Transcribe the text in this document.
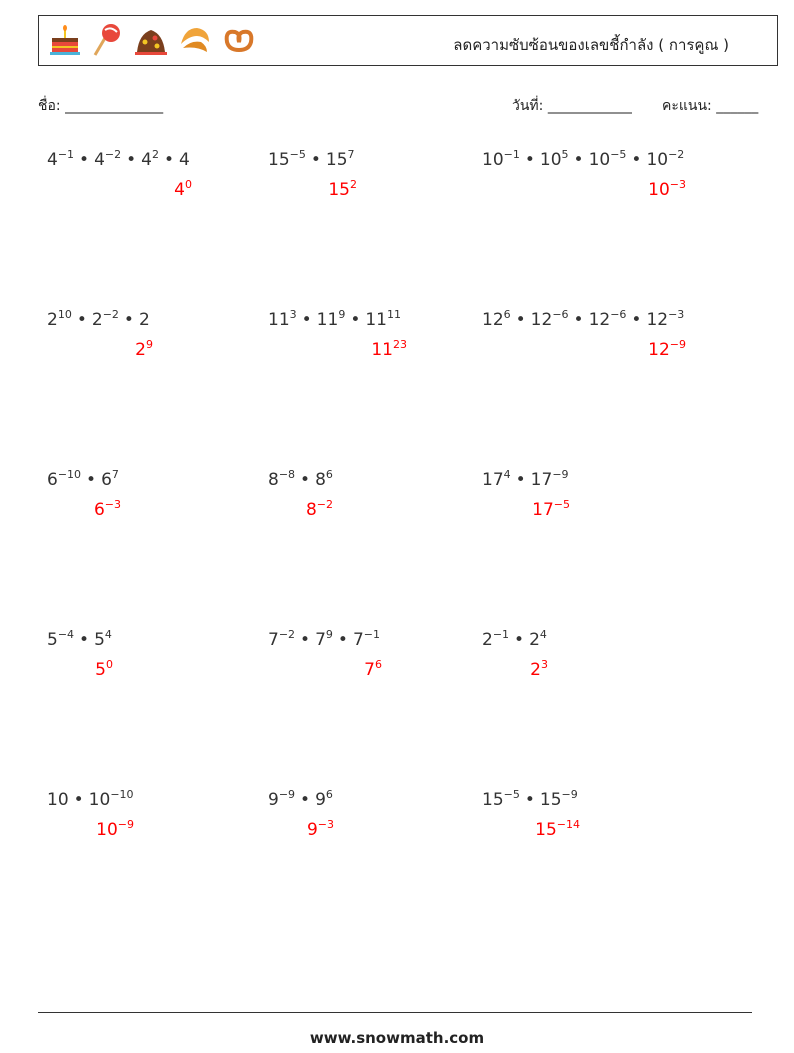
ลดความซับซ้อนของเลขชี้กำลัง ( การคูณ )
ชื่อ: ______________	วันที่: ____________ คะแนน: ______
$4^{-1}$ • $4^{-2}$ • $4^2$ • 4
$4^0$
$15^{-5}$ • $15^7$
$15^2$
$10^{-1}$ • $10^5$ • $10^{-5}$ • $10^{-2}$
$10^{-3}$
$2^{10}$ • $2^{-2}$ • 2
$2^9$
$11^3$ • $11^9$ • $11^{11}$
$11^{23}$
$12^6$ • $12^{-6}$ • $12^{-6}$ • $12^{-3}$
$12^{-9}$
$6^{-10}$ • $6^7$
$6^{-3}$
$8^{-8}$ • $8^6$
$8^{-2}$
$17^4$ • $17^{-9}$
$17^{-5}$
$5^{-4}$ • $5^4$
$5^0$
$7^{-2}$ • $7^9$ • $7^{-1}$
$7^6$
$2^{-1}$ • $2^4$
$2^3$
10 • $10^{-10}$
$10^{-9}$
$9^{-9}$ • $9^6$
$9^{-3}$
$15^{-5}$ • $15^{-9}$
$15^{-14}$
www.snowmath.com
